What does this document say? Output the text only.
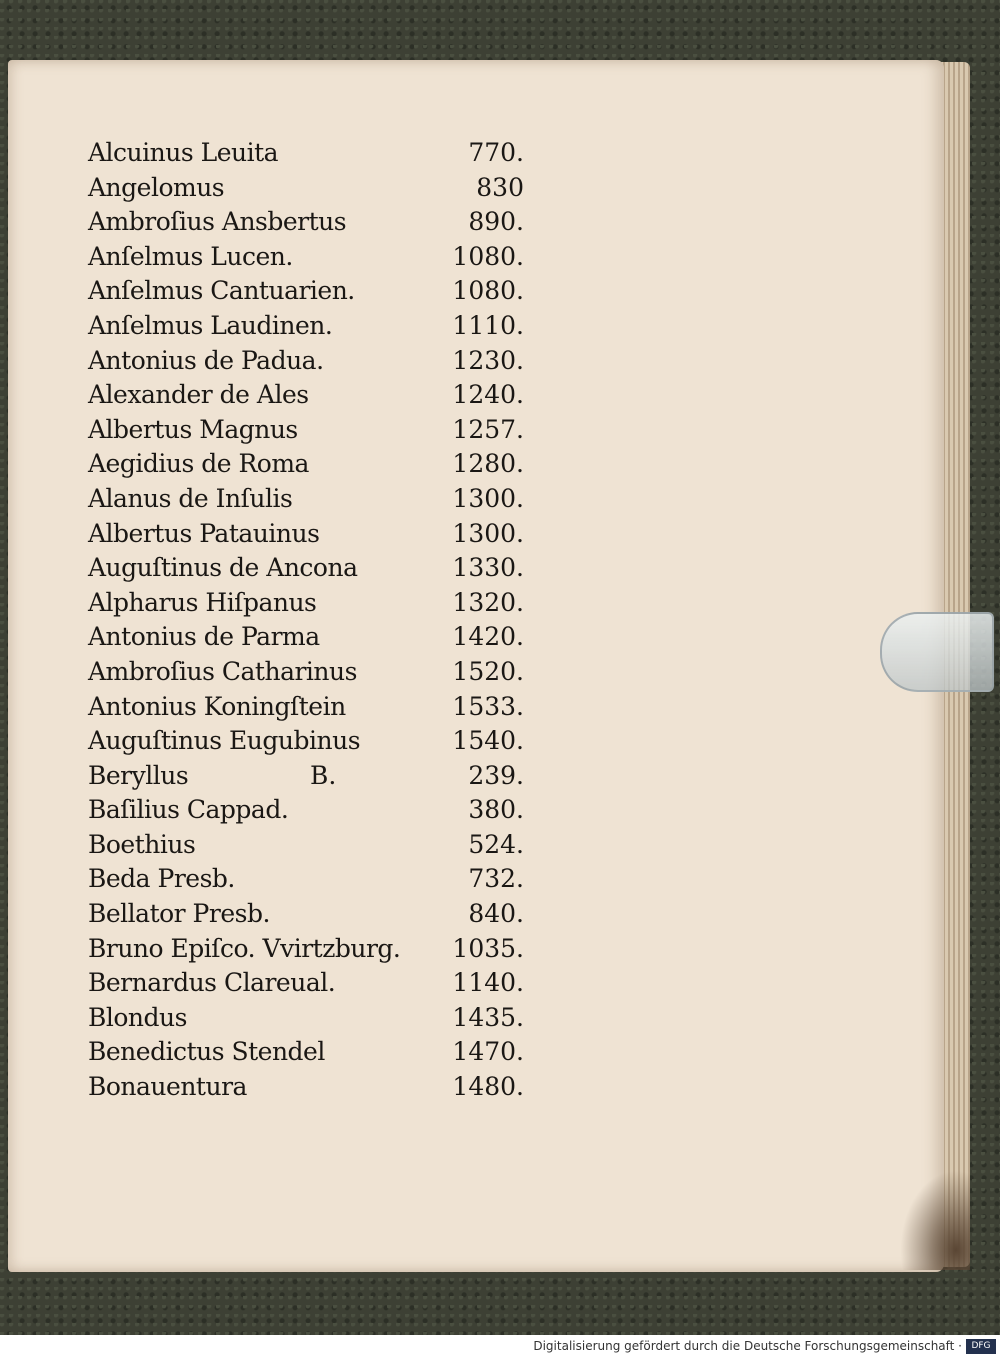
Alcuinus Leuita	770.
Angelomus	830
Ambroſius Ansbertus	890.
Anſelmus Lucen.	1080.
Anſelmus Cantuarien.	1080.
Anſelmus Laudinen.	1110.
Antonius de Padua.	1230.
Alexander de Ales	1240.
Albertus Magnus	1257.
Aegidius de Roma	1280.
Alanus de Inſulis	1300.
Albertus Patauinus	1300.
Auguſtinus de Ancona	1330.
Alpharus Hiſpanus	1320.
Antonius de Parma	1420.
Ambroſius Catharinus	1520.
Antonius Koningſtein	1533.
Auguſtinus Eugubinus	1540.
Beryllus	B.	239.
Baſilius Cappad.	380.
Boethius	524.
Beda Presb.	732.
Bellator Presb.	840.
Bruno Epiſco. Vvirtzburg. 1035.
Bernardus Clareual.	1140.
Blondus	1435.
Benedictus Stendel	1470.
Bonauentura	1480.
Digitalisierung gefördert durch die Deutsche Forschungsgemeinschaft ·	DFG
